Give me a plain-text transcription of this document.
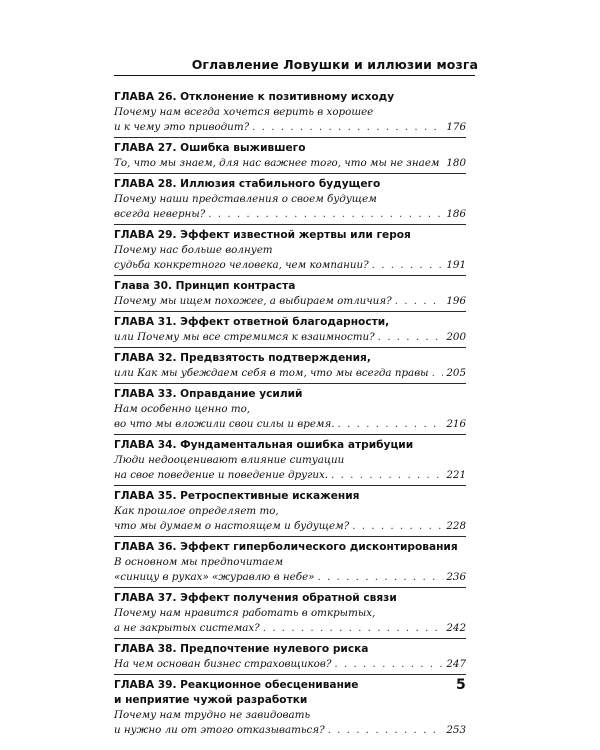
Оглавление Ловушки и иллюзии мозга
ГЛАВА 26. Отклонение к позитивному исходу
Почему нам всегда хочется верить в хорошее
и к чему это приводит? . . .	176
ГЛАВА 27. Ошибка выжившего
То, что мы знаем, для нас важнее того, что мы не знаем . . . 180
ГЛАВА 28. Иллюзия стабильного будущего
Почему наши представления о своем будущем
всегда неверны? . . .	186
ГЛАВА 29. Эффект известной жертвы или героя
Почему нас больше волнует
судьба конкретного человека, чем компании? . . .	191
Глава 30. Принцип контраста
Почему мы ищем похожее, а выбираем отличия? . . .	196
ГЛАВА 31. Эффект ответной благодарности,
или Почему мы все стремимся к взаимности? . . .	200
ГЛАВА 32. Предвзятость подтверждения,
или Как мы убеждаем себя в том, что мы всегда правы . . . 205
ГЛАВА 33. Оправдание усилий
Нам особенно ценно то,
во что мы вложили свои силы и время. . . .	216
ГЛАВА 34. Фундаментальная ошибка атрибуции
Люди недооценивают влияние ситуации
на свое поведение и поведение других. . . .	221
ГЛАВА 35. Ретроспективные искажения
Как прошлое определяет то,
что мы думаем о настоящем и будущем? . . .	228
ГЛАВА 36. Эффект гиперболического дисконтирования
В основном мы предпочитаем
«синицу в руках» «журавлю в небе» . . .	236
ГЛАВА 37. Эффект получения обратной связи
Почему нам нравится работать в открытых,
а не закрытых системах? . . .	242
ГЛАВА 38. Предпочтение нулевого риска
На чем основан бизнес страховщиков? . . .	247
ГЛАВА 39. Реакционное обесценивание
и неприятие чужой разработки
Почему нам трудно не завидовать
и нужно ли от этого отказываться? . . .	253
5
